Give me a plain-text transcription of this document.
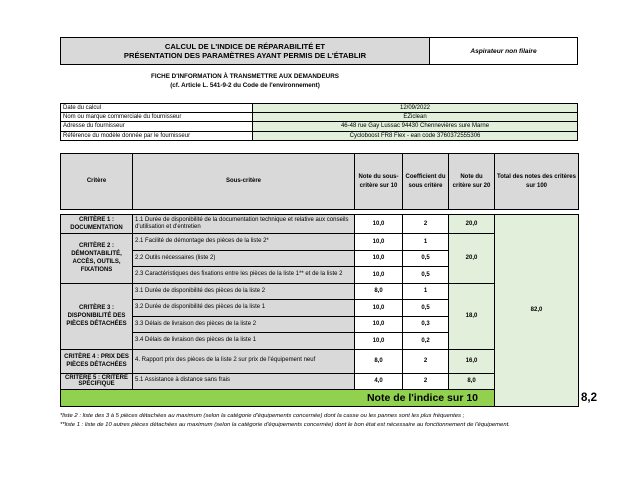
CALCUL DE L'INDICE DE RÉPARABILITÉ ET
PRÉSENTATION DES PARAMÈTRES AYANT PERMIS DE L'ÉTABLIR	Aspirateur non filaire
FICHE D'INFORMATION À TRANSMETTRE AUX DEMANDEURS
(cf. Article L. 541-9-2 du Code de l'environnement)
Date du calcul	12/09/2022
Nom ou marque commerciale du fournisseur	EZiclean
Adresse du fournisseur	46-48 rue Gay Lussac 94430 Chennevières sure Marne
Référence du modèle donnée par le fournisseur	Cycloboost FR8 Flex - ean code 3760372555306
Critère	Sous-critère	Note du sous-critère sur 10	Coefficient du sous critère	Note du critère sur 20	Total des notes des critères sur 100	

CRITÈRE 1 : DOCUMENTATION	1.1 Durée de disponibilité de la documentation technique et relative aux conseils d'utilisation et d'entretien	10,0	2	20,0	82,0	
CRITÈRE 2 : DÉMONTABILITÉ, ACCÈS, OUTILS, FIXATIONS	2.1 Facilité de démontage des pièces de la liste 2*	10,0	1	20,0		
	2.2 Outils nécessaires (liste 2)	10,0	0,5			
	2.3 Caractéristiques des fixations entre les pièces de la liste 1** et de la liste 2	10,0	0,5			
CRITÈRE 3 : DISPONIBILITÉ DES PIÈCES DÉTACHÉES	3.1 Durée de disponibilité des pièces de la liste 2	8,0	1	18,0		
	3.2 Durée de disponibilité des pièces de la liste 1	10,0	0,5			
	3.3 Délais de livraison des pièces de la liste 2	10,0	0,3			
	3.4 Délais de livraison des pièces de la liste 1	10,0	0,2			
CRITÈRE 4 : PRIX DES PIÈCES DÉTACHÉES	4. Rapport prix des pièces de la liste 2 sur prix de l'équipement neuf	8,0	2	16,0		
CRITÈRE 5 : CRITÈRE SPÉCIFIQUE	5.1 Assistance à distance sans frais	4,0	2	8,0		
Note de l'indice sur 10						8,2
*liste 2 : liste des 3 à 5 pièces détachées au maximum (selon la catégorie d'équipements concernée) dont la casse ou les pannes sont les plus fréquentes ;
**liste 1 : liste de 10 autres pièces détachées au maximum (selon la catégorie d'équipements concernée) dont le bon état est nécessaire au fonctionnement de l'équipement.
